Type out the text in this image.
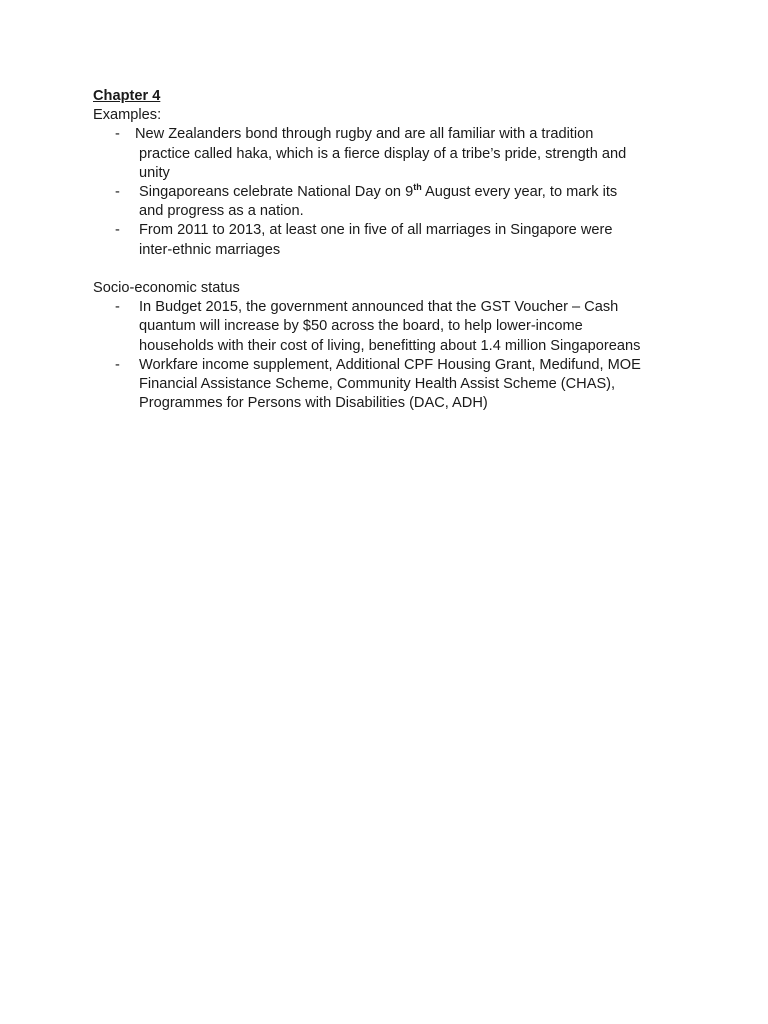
Chapter 4

Examples:

- New Zealanders bond through rugby and are all familiar with a tradition
practice called haka, which is a fierce display of a tribe’s pride, strength and
unity
- Singaporeans celebrate National Day on 9th August every year, to mark its
and progress as a nation.
- From 2011 to 2013, at least one in five of all marriages in Singapore were
inter-ethnic marriages

Socio-economic status

- In Budget 2015, the government announced that the GST Voucher – Cash
quantum will increase by $50 across the board, to help lower-income
households with their cost of living, benefitting about 1.4 million Singaporeans
- Workfare income supplement, Additional CPF Housing Grant, Medifund, MOE
Financial Assistance Scheme, Community Health Assist Scheme (CHAS),
Programmes for Persons with Disabilities (DAC, ADH)
